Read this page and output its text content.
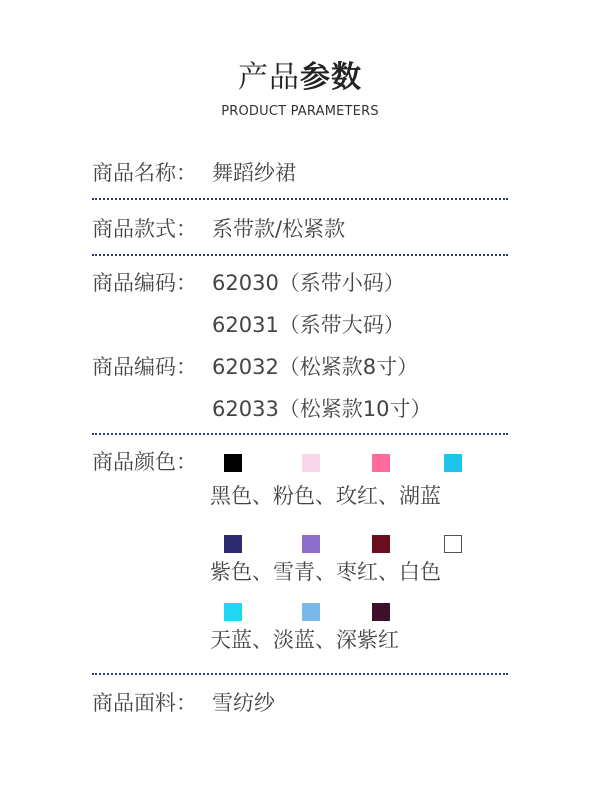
产品参数
PRODUCT PARAMETERS
商品名称： 舞蹈纱裙
商品款式： 系带款/松紧款
商品编码： 62030（系带小码）
62031（系带大码）
商品编码： 62032（松紧款8寸）
62033（松紧款10寸）
商品颜色：
黑色、粉色、玫红、湖蓝
紫色、雪青、枣红、白色
天蓝、淡蓝、深紫红
商品面料： 雪纺纱
